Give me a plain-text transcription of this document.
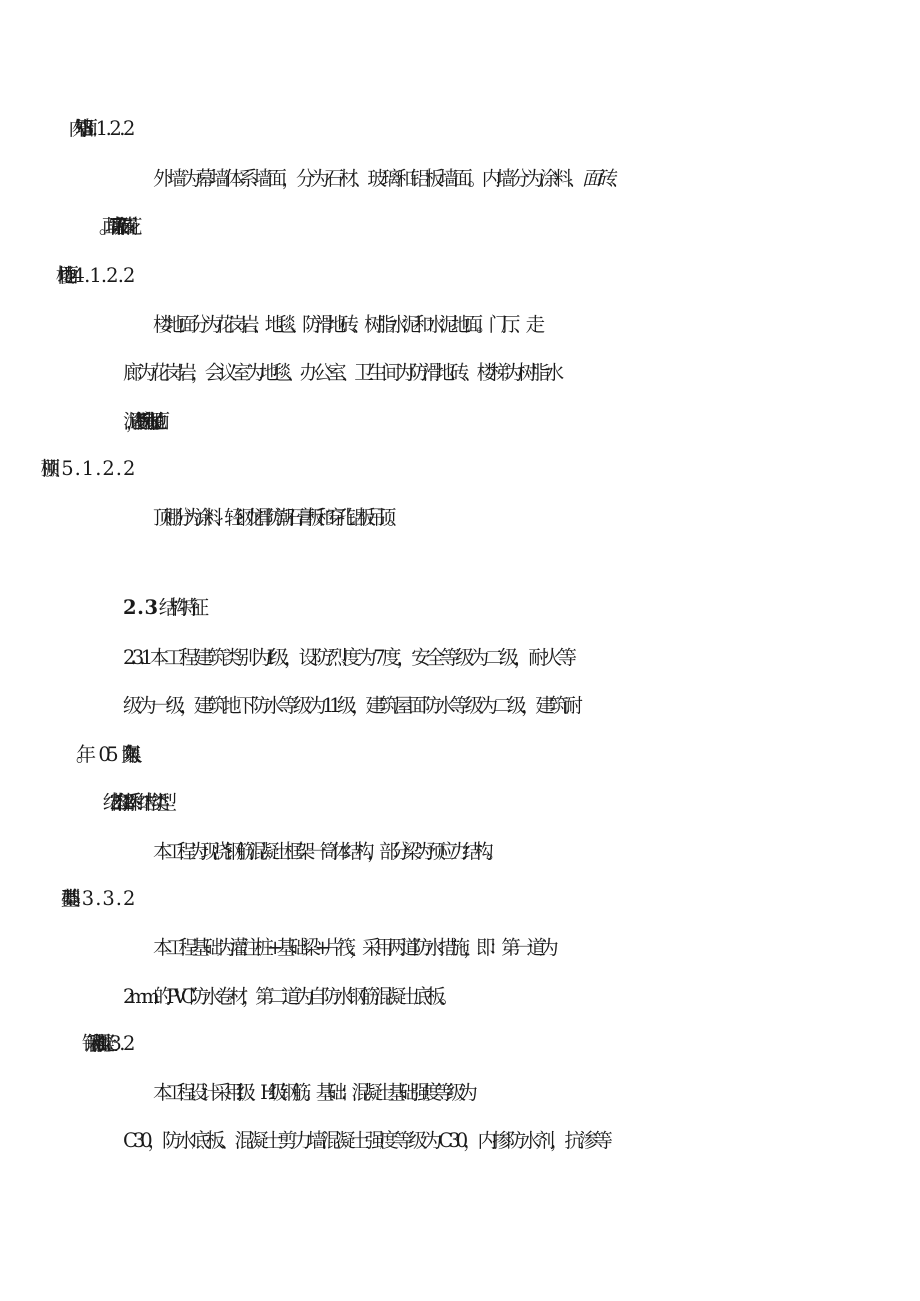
外墙为幕墙体系墙面，分为石材、玻璃和铝板墙面。内墙分为涂料、面砖、
楼地面分为花岗岩、地毯、防滑地砖、树脂水泥和水泥地面。门厅、走
廊为花岗岩，会议室为地毯、办公室、卫生间为防滑地砖、楼梯为树脂水
泥，设备机房为水泥地面。
顶棚分为涂料、轻钢龙骨防潮石膏板和穿孔铝板吊顶。
2.3 结构特征
2.3.1 本工程建筑类别为Ⅰ级，设防烈度为 7 度，安全等级为二级，耐火等
级为一级，建筑地下防水等级为 11 级，建筑屋面防水等级为二级，建筑耐
2.3.2 结构体系和结构类型
本工程为现浇钢筋混凝土框架一筒体结构，部分梁为预应力结构。
本工程基础为灌注桩+基础梁+片筏，采用两道防水措施，即：第一道为
2mm 的 PVC 防水卷材，第二道为自防水钢筋混凝土底板。
本工程设计采用Ⅰ级、H 级钢筋。基础：混凝土基础强度等级为
C30，防水底板、混凝土剪力墙混凝土强度等级为 C30，内掺防水剂，抗渗等
